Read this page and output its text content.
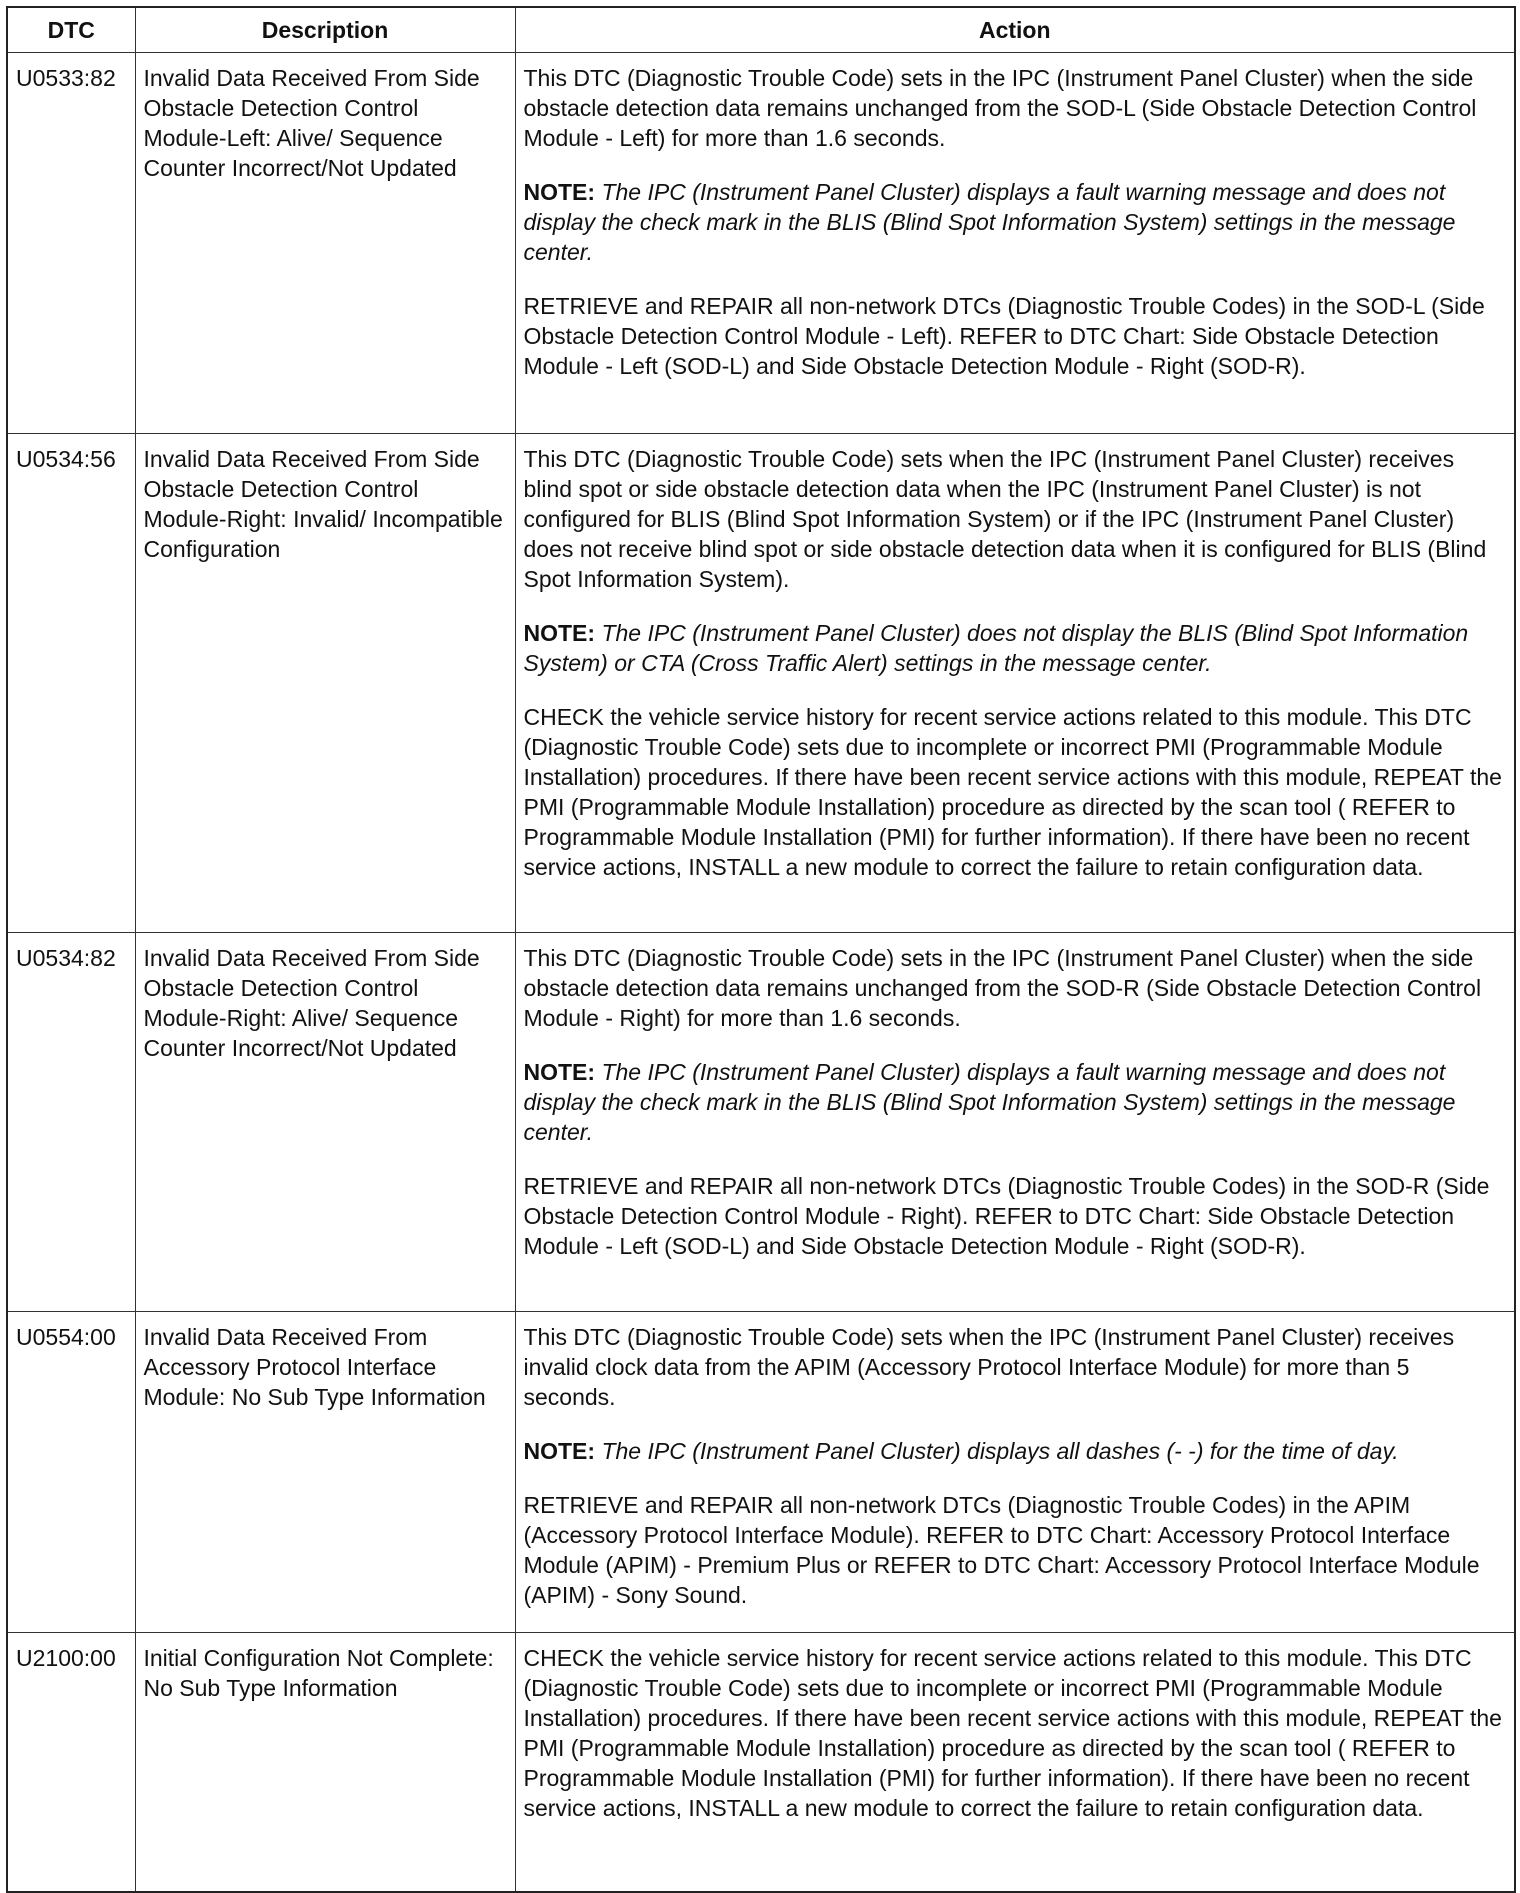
DTC	Description	Action
U0533:82	Invalid Data Received From Side Obstacle Detection Control Module-Left: Alive/ Sequence Counter Incorrect/Not Updated	This DTC (Diagnostic Trouble Code) sets in the IPC (Instrument Panel Cluster) when the side obstacle detection data remains unchanged from the SOD-L (Side Obstacle Detection Control Module - Left) for more than 1.6 seconds.

NOTE: The IPC (Instrument Panel Cluster) displays a fault warning message and does not display the check mark in the BLIS (Blind Spot Information System) settings in the message center.

RETRIEVE and REPAIR all non-network DTCs (Diagnostic Trouble Codes) in the SOD-L (Side Obstacle Detection Control Module - Left). REFER to DTC Chart: Side Obstacle Detection Module - Left (SOD-L) and Side Obstacle Detection Module - Right (SOD-R).

U0534:56	Invalid Data Received From Side Obstacle Detection Control Module-Right: Invalid/ Incompatible Configuration	This DTC (Diagnostic Trouble Code) sets when the IPC (Instrument Panel Cluster) receives blind spot or side obstacle detection data when the IPC (Instrument Panel Cluster) is not configured for BLIS (Blind Spot Information System) or if the IPC (Instrument Panel Cluster) does not receive blind spot or side obstacle detection data when it is configured for BLIS (Blind Spot Information System).

NOTE: The IPC (Instrument Panel Cluster) does not display the BLIS (Blind Spot Information System) or CTA (Cross Traffic Alert) settings in the message center.

CHECK the vehicle service history for recent service actions related to this module. This DTC (Diagnostic Trouble Code) sets due to incomplete or incorrect PMI (Programmable Module Installation) procedures. If there have been recent service actions with this module, REPEAT the PMI (Programmable Module Installation) procedure as directed by the scan tool ( REFER to Programmable Module Installation (PMI) for further information). If there have been no recent service actions, INSTALL a new module to correct the failure to retain configuration data.

U0534:82	Invalid Data Received From Side Obstacle Detection Control Module-Right: Alive/ Sequence Counter Incorrect/Not Updated	This DTC (Diagnostic Trouble Code) sets in the IPC (Instrument Panel Cluster) when the side obstacle detection data remains unchanged from the SOD-R (Side Obstacle Detection Control Module - Right) for more than 1.6 seconds.

NOTE: The IPC (Instrument Panel Cluster) displays a fault warning message and does not display the check mark in the BLIS (Blind Spot Information System) settings in the message center.

RETRIEVE and REPAIR all non-network DTCs (Diagnostic Trouble Codes) in the SOD-R (Side Obstacle Detection Control Module - Right). REFER to DTC Chart: Side Obstacle Detection Module - Left (SOD-L) and Side Obstacle Detection Module - Right (SOD-R).

U0554:00	Invalid Data Received From Accessory Protocol Interface Module: No Sub Type Information	This DTC (Diagnostic Trouble Code) sets when the IPC (Instrument Panel Cluster) receives invalid clock data from the APIM (Accessory Protocol Interface Module) for more than 5 seconds.

NOTE: The IPC (Instrument Panel Cluster) displays all dashes (- -) for the time of day.

RETRIEVE and REPAIR all non-network DTCs (Diagnostic Trouble Codes) in the APIM (Accessory Protocol Interface Module). REFER to DTC Chart: Accessory Protocol Interface Module (APIM) - Premium Plus or REFER to DTC Chart: Accessory Protocol Interface Module (APIM) - Sony Sound.

U2100:00	Initial Configuration Not Complete: No Sub Type Information	CHECK the vehicle service history for recent service actions related to this module. This DTC (Diagnostic Trouble Code) sets due to incomplete or incorrect PMI (Programmable Module Installation) procedures. If there have been recent service actions with this module, REPEAT the PMI (Programmable Module Installation) procedure as directed by the scan tool ( REFER to Programmable Module Installation (PMI) for further information). If there have been no recent service actions, INSTALL a new module to correct the failure to retain configuration data.
